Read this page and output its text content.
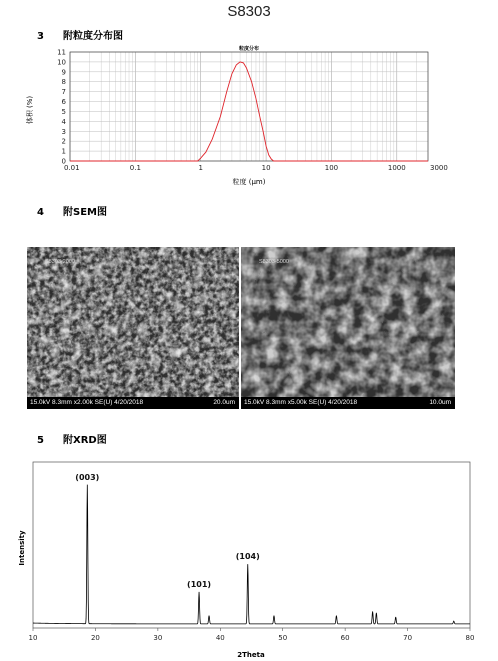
S8303
3 附粒度分布图
粒度分布
0
1
2
3
4
5
6
7
8
9
10
11
0.01	0.1	1	10	100	1000	3000
体积 (%)
粒度 (μm)
4 附SEM图
S8303-2000
15.0kV 8.3mm x2.00k SE(U) 4/20/2018	20.0um
S8303-5000
15.0kV 8.3mm x5.00k SE(U) 4/20/2018	10.0um
5 附XRD图
10	20	30	40	50	60	70	80
(003)
(101)
(104)
Intensity
2Theta
